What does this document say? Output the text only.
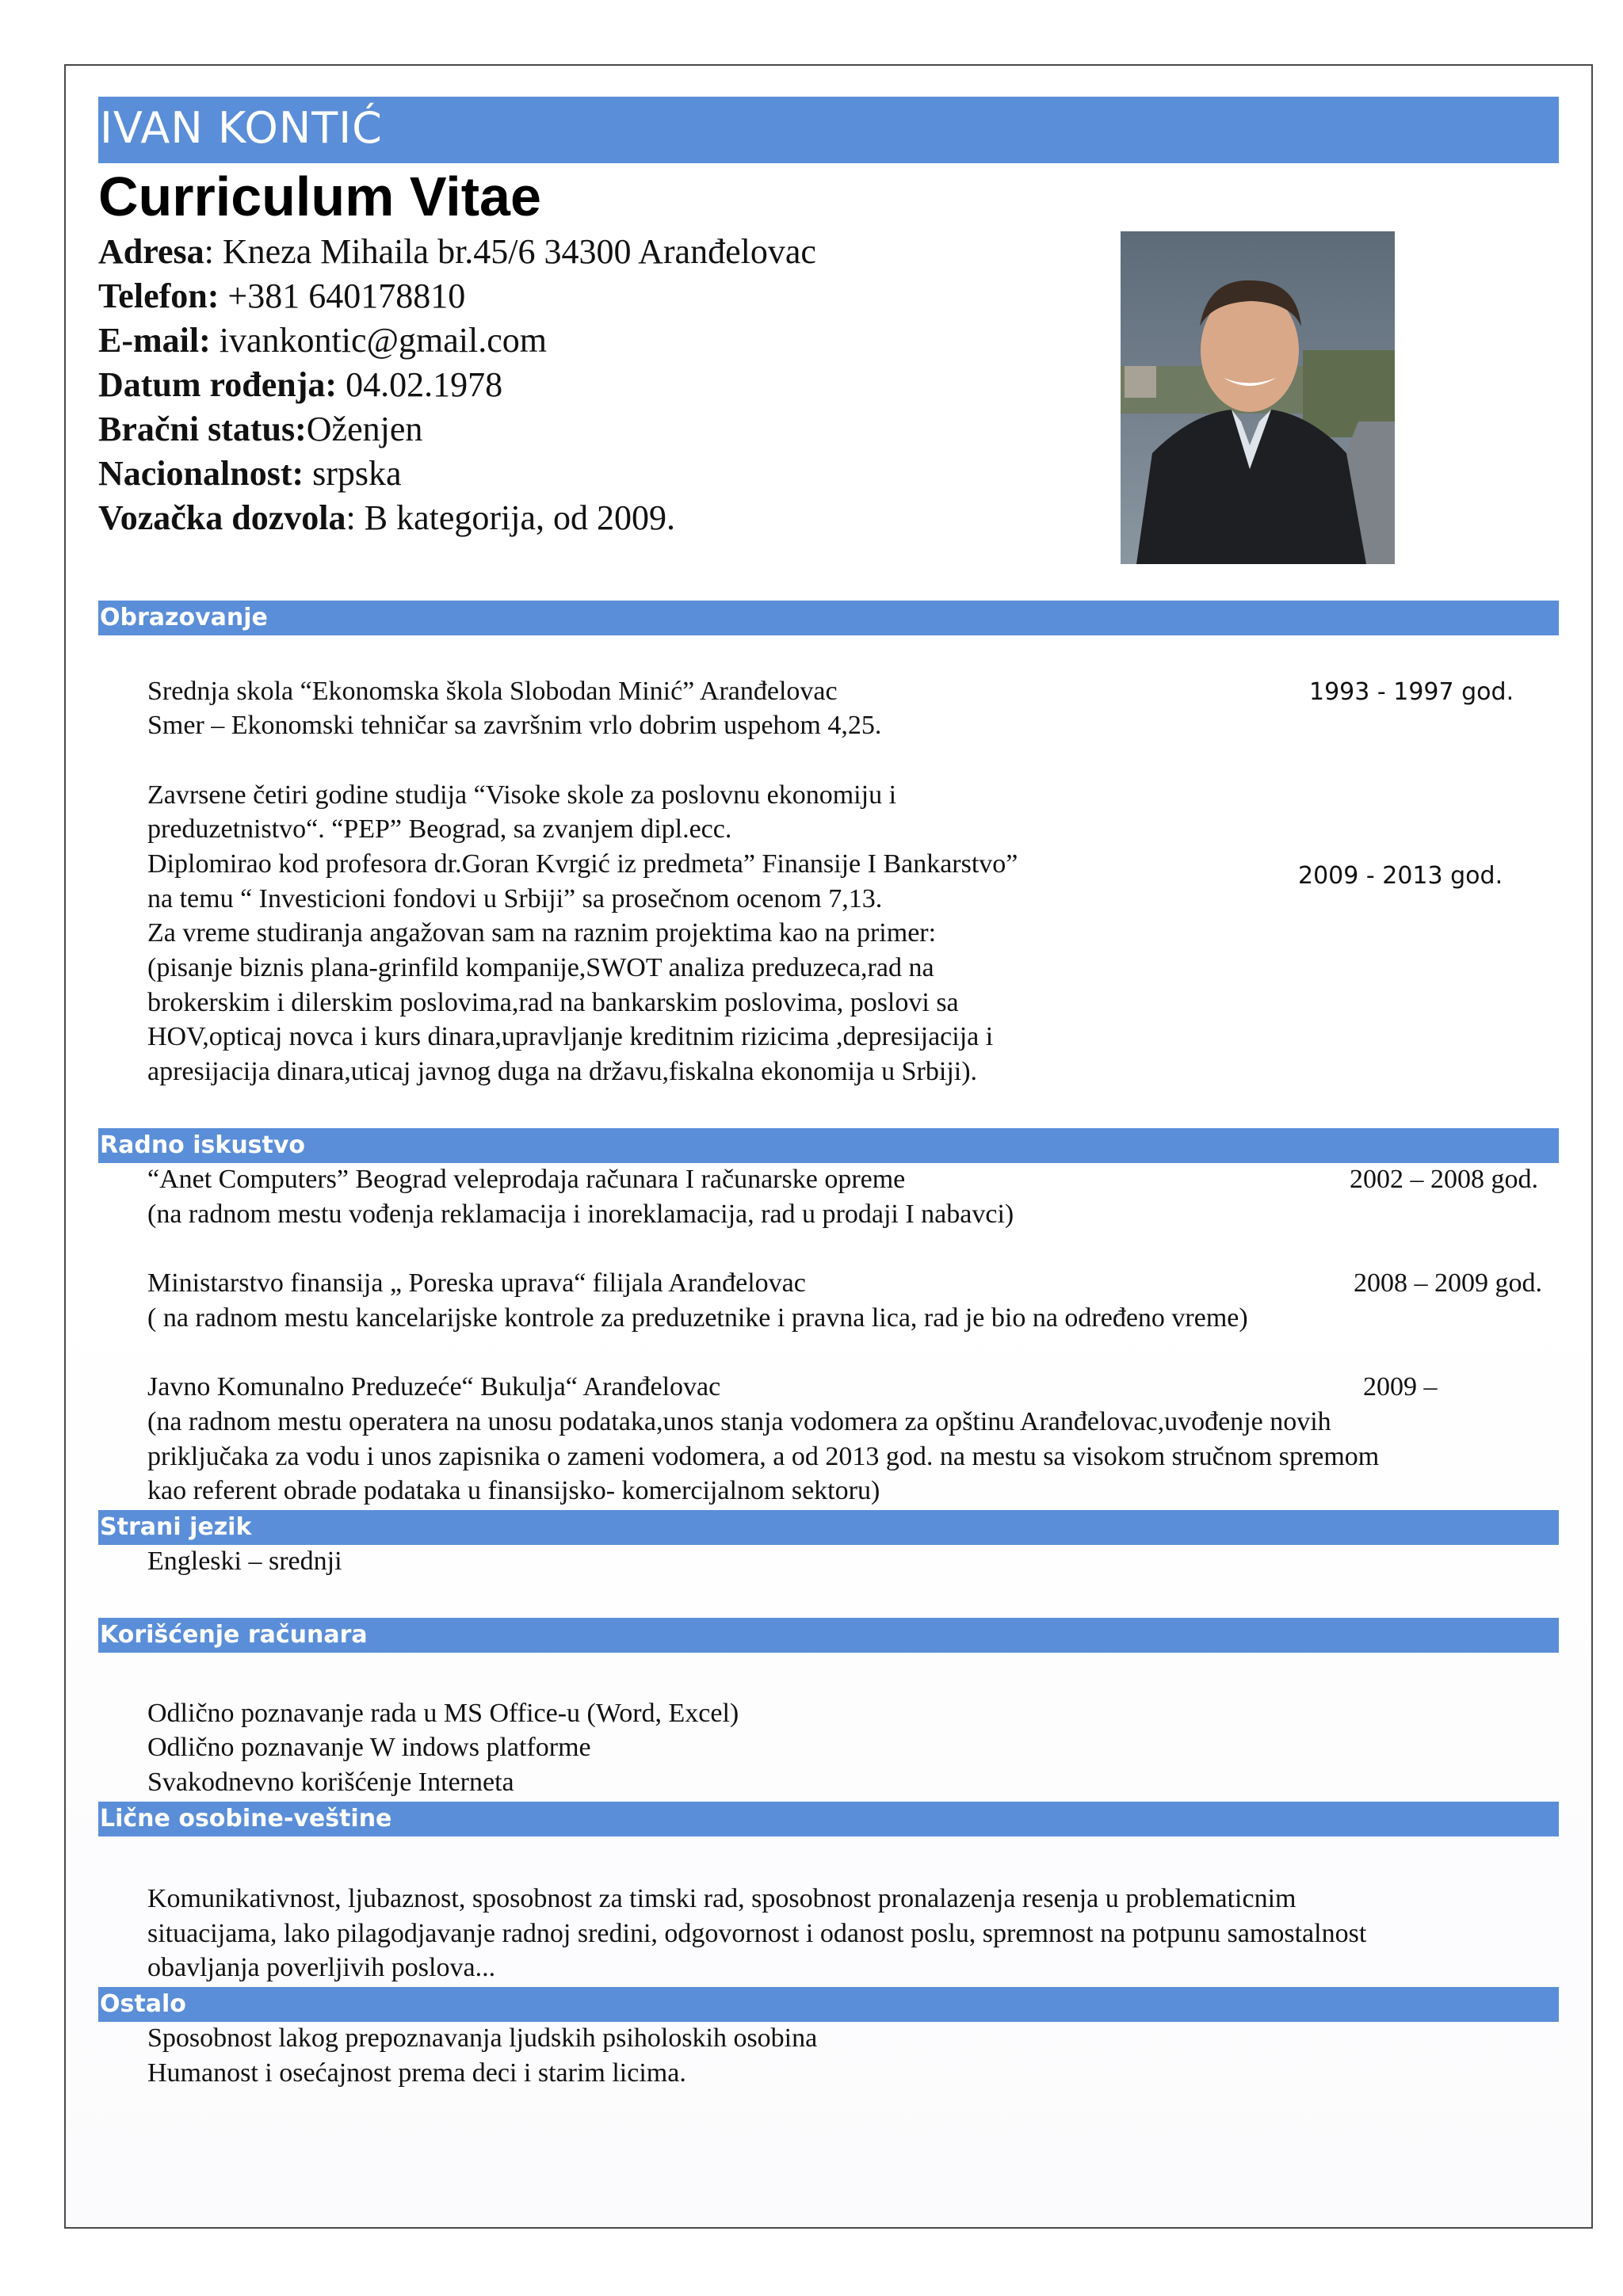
IVAN KONTIĆ
Curriculum Vitae
Adresa: Kneza Mihaila br.45/6 34300 Aranđelovac
Telefon: +381 640178810
E-mail: ivankontic@gmail.com
Datum rođenja: 04.02.1978
Bračni status:Oženjen
Nacionalnost: srpska
Vozačka dozvola: B kategorija, od 2009.
Obrazovanje
Srednja skola “Ekonomska škola Slobodan Minić” Aranđelovac
Smer – Ekonomski tehničar sa završnim vrlo dobrim uspehom 4,25.
Zavrsene četiri godine studija “Visoke skole za poslovnu ekonomiju i
preduzetnistvo“. “PEP” Beograd, sa zvanjem dipl.ecc.
Diplomirao kod profesora dr.Goran Kvrgić iz predmeta” Finansije I Bankarstvo”
na temu “ Investicioni fondovi u Srbiji” sa prosečnom ocenom 7,13.
Za vreme studiranja angažovan sam na raznim projektima kao na primer:
(pisanje biznis plana-grinfild kompanije,SWOT analiza preduzeca,rad na
brokerskim i dilerskim poslovima,rad na bankarskim poslovima, poslovi sa
HOV,opticaj novca i kurs dinara,upravljanje kreditnim rizicima ,depresijacija i
apresijacija dinara,uticaj javnog duga na državu,fiskalna ekonomija u Srbiji).
1993 - 1997 god.
2009 - 2013 god.
Radno iskustvo
“Anet Computers” Beograd veleprodaja računara I računarske opreme
(na radnom mestu vođenja reklamacija i inoreklamacija, rad u prodaji I nabavci)
Ministarstvo finansija „ Poreska uprava“ filijala Aranđelovac
( na radnom mestu kancelarijske kontrole za preduzetnike i pravna lica, rad je bio na određeno vreme)
Javno Komunalno Preduzeće“ Bukulja“ Aranđelovac
(na radnom mestu operatera na unosu podataka,unos stanja vodomera za opštinu Aranđelovac,uvođenje novih
priključaka za vodu i unos zapisnika o zameni vodomera, a od 2013 god. na mestu sa visokom stručnom spremom
kao referent obrade podataka u finansijsko- komercijalnom sektoru)
2002 – 2008 god.
2008 – 2009 god.
2009 –
Strani jezik
Engleski – srednji
Korišćenje računara
Odlično poznavanje rada u MS Office-u (Word, Excel)
Odlično poznavanje W indows platforme
Svakodnevno korišćenje Interneta
Lične osobine-veštine
Komunikativnost, ljubaznost, sposobnost za timski rad, sposobnost pronalazenja resenja u problematicnim
situacijama, lako pilagodjavanje radnoj sredini, odgovornost i odanost poslu, spremnost na potpunu samostalnost
obavljanja poverljivih poslova...
Ostalo
Sposobnost lakog prepoznavanja ljudskih psiholoskih osobina
Humanost i osećajnost prema deci i starim licima.
